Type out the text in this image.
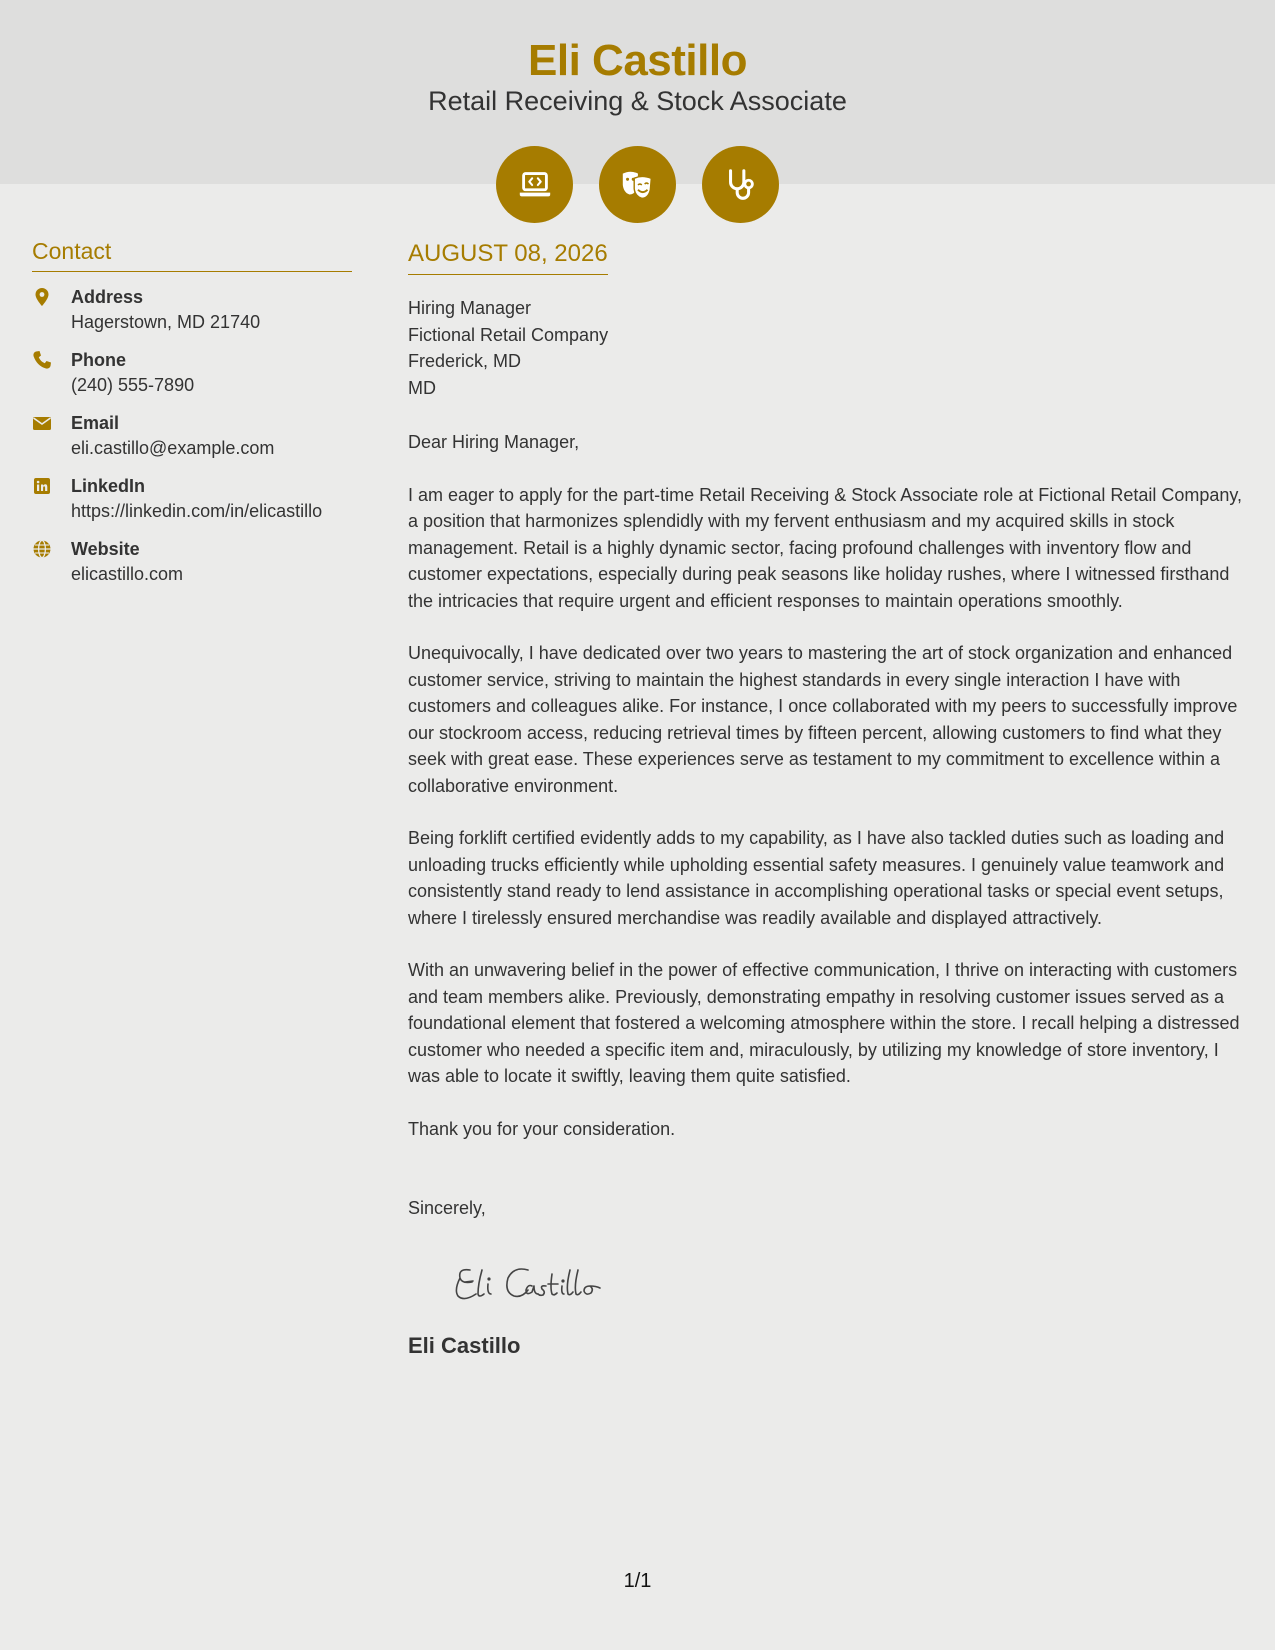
Eli Castillo
Retail Receiving & Stock Associate
Contact
Address
Hagerstown, MD 21740
Phone
(240) 555-7890
Email
eli.castillo@example.com
LinkedIn
https://linkedin.com/in/elicastillo
Website
elicastillo.com
AUGUST 08, 2026
Hiring Manager
Fictional Retail Company
Frederick, MD
MD
Dear Hiring Manager,

I am eager to apply for the part-time Retail Receiving & Stock Associate role at Fictional Retail Company, a position that harmonizes splendidly with my fervent enthusiasm and my acquired skills in stock management. Retail is a highly dynamic sector, facing profound challenges with inventory flow and customer expectations, especially during peak seasons like holiday rushes, where I witnessed firsthand the intricacies that require urgent and efficient responses to maintain operations smoothly.

Unequivocally, I have dedicated over two years to mastering the art of stock organization and enhanced customer service, striving to maintain the highest standards in every single interaction I have with customers and colleagues alike. For instance, I once collaborated with my peers to successfully improve our stockroom access, reducing retrieval times by fifteen percent, allowing customers to find what they seek with great ease. These experiences serve as testament to my commitment to excellence within a collaborative environment.

Being forklift certified evidently adds to my capability, as I have also tackled duties such as loading and unloading trucks efficiently while upholding essential safety measures. I genuinely value teamwork and consistently stand ready to lend assistance in accomplishing operational tasks or special event setups, where I tirelessly ensured merchandise was readily available and displayed attractively.

With an unwavering belief in the power of effective communication, I thrive on interacting with customers and team members alike. Previously, demonstrating empathy in resolving customer issues served as a foundational element that fostered a welcoming atmosphere within the store. I recall helping a distressed customer who needed a specific item and, miraculously, by utilizing my knowledge of store inventory, I was able to locate it swiftly, leaving them quite satisfied.

Thank you for your consideration.

Sincerely,
Eli Castillo
1/1
